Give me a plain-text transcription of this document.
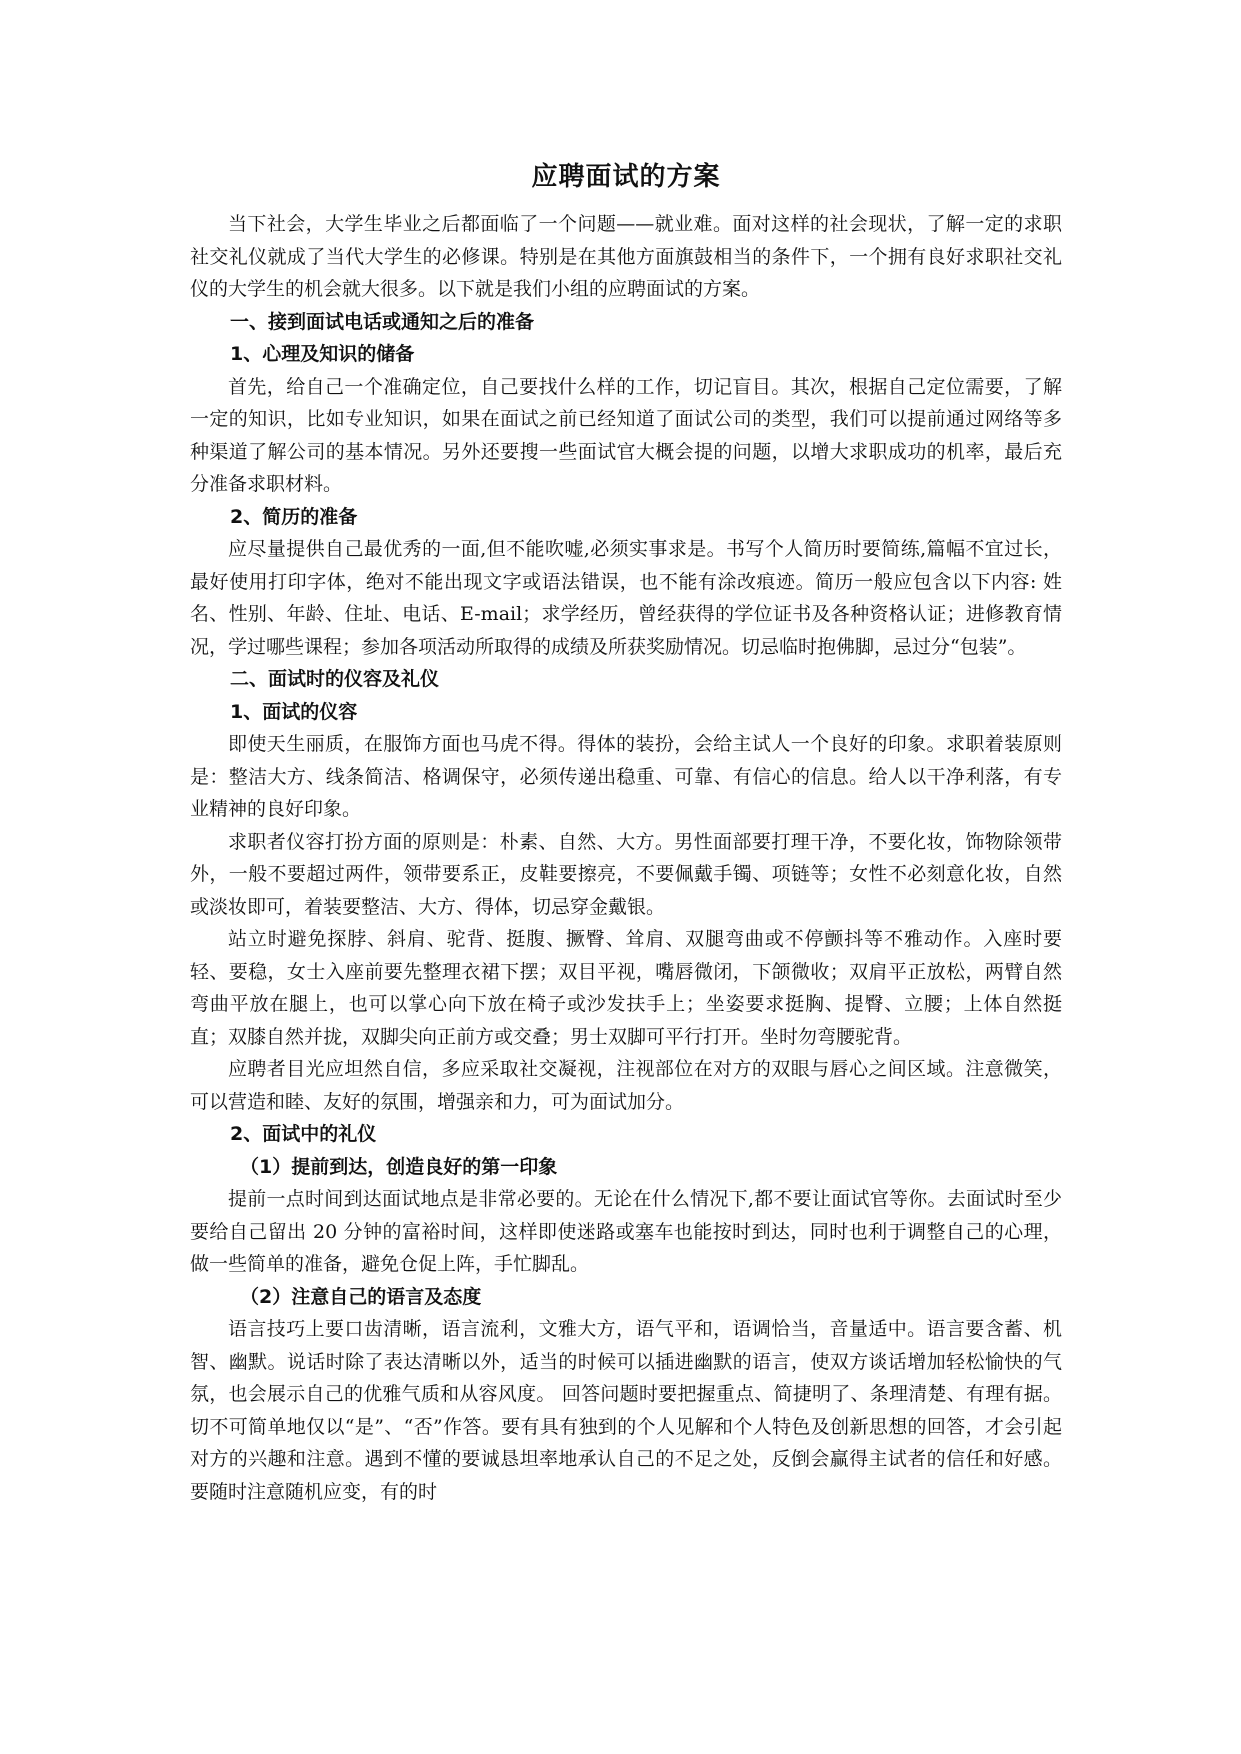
应聘面试的方案

当下社会，大学生毕业之后都面临了一个问题——就业难。面对这样的社会现状，了解一定的求职社交礼仪就成了当代大学生的必修课。特别是在其他方面旗鼓相当的条件下，一个拥有良好求职社交礼仪的大学生的机会就大很多。以下就是我们小组的应聘面试的方案。

一、接到面试电话或通知之后的准备

1、心理及知识的储备

首先，给自己一个准确定位，自己要找什么样的工作，切记盲目。其次，根据自己定位需要，了解一定的知识，比如专业知识，如果在面试之前已经知道了面试公司的类型，我们可以提前通过网络等多种渠道了解公司的基本情况。另外还要搜一些面试官大概会提的问题，以增大求职成功的机率，最后充分准备求职材料。

2、简历的准备

应尽量提供自己最优秀的一面,但不能吹嘘,必须实事求是。书写个人简历时要简练,篇幅不宜过长，最好使用打印字体，绝对不能出现文字或语法错误，也不能有涂改痕迹。简历一般应包含以下内容: 姓名、性别、年龄、住址、电话、E-mail；求学经历，曾经获得的学位证书及各种资格认证；进修教育情况，学过哪些课程；参加各项活动所取得的成绩及所获奖励情况。切忌临时抱佛脚，忌过分“包装”。

二、面试时的仪容及礼仪

1、面试的仪容

即使天生丽质，在服饰方面也马虎不得。得体的装扮，会给主试人一个良好的印象。求职着装原则是：整洁大方、线条简洁、格调保守，必须传递出稳重、可靠、有信心的信息。给人以干净利落，有专业精神的良好印象。

求职者仪容打扮方面的原则是：朴素、自然、大方。男性面部要打理干净，不要化妆，饰物除领带外，一般不要超过两件，领带要系正，皮鞋要擦亮，不要佩戴手镯、项链等；女性不必刻意化妆，自然或淡妆即可，着装要整洁、大方、得体，切忌穿金戴银。

站立时避免探脖、斜肩、驼背、挺腹、撅臀、耸肩、双腿弯曲或不停颤抖等不雅动作。入座时要轻、要稳，女士入座前要先整理衣裙下摆；双目平视，嘴唇微闭，下颌微收；双肩平正放松，两臂自然弯曲平放在腿上，也可以掌心向下放在椅子或沙发扶手上；坐姿要求挺胸、提臀、立腰；上体自然挺直；双膝自然并拢，双脚尖向正前方或交叠；男士双脚可平行打开。坐时勿弯腰驼背。

应聘者目光应坦然自信，多应采取社交凝视，注视部位在对方的双眼与唇心之间区域。注意微笑，可以营造和睦、友好的氛围，增强亲和力，可为面试加分。

2、面试中的礼仪

（1）提前到达，创造良好的第一印象

提前一点时间到达面试地点是非常必要的。无论在什么情况下,都不要让面试官等你。去面试时至少要给自己留出 20 分钟的富裕时间，这样即使迷路或塞车也能按时到达，同时也利于调整自己的心理，做一些简单的准备，避免仓促上阵，手忙脚乱。

（2）注意自己的语言及态度

语言技巧上要口齿清晰，语言流利，文雅大方，语气平和，语调恰当，音量适中。语言要含蓄、机智、幽默。说话时除了表达清晰以外，适当的时候可以插进幽默的语言，使双方谈话增加轻松愉快的气氛，也会展示自己的优雅气质和从容风度。 回答问题时要把握重点、简捷明了、条理清楚、有理有据。切不可简单地仅以“是”、“否”作答。要有具有独到的个人见解和个人特色及创新思想的回答，才会引起对方的兴趣和注意。遇到不懂的要诚恳坦率地承认自己的不足之处，反倒会赢得主试者的信任和好感。要随时注意随机应变，有的时
